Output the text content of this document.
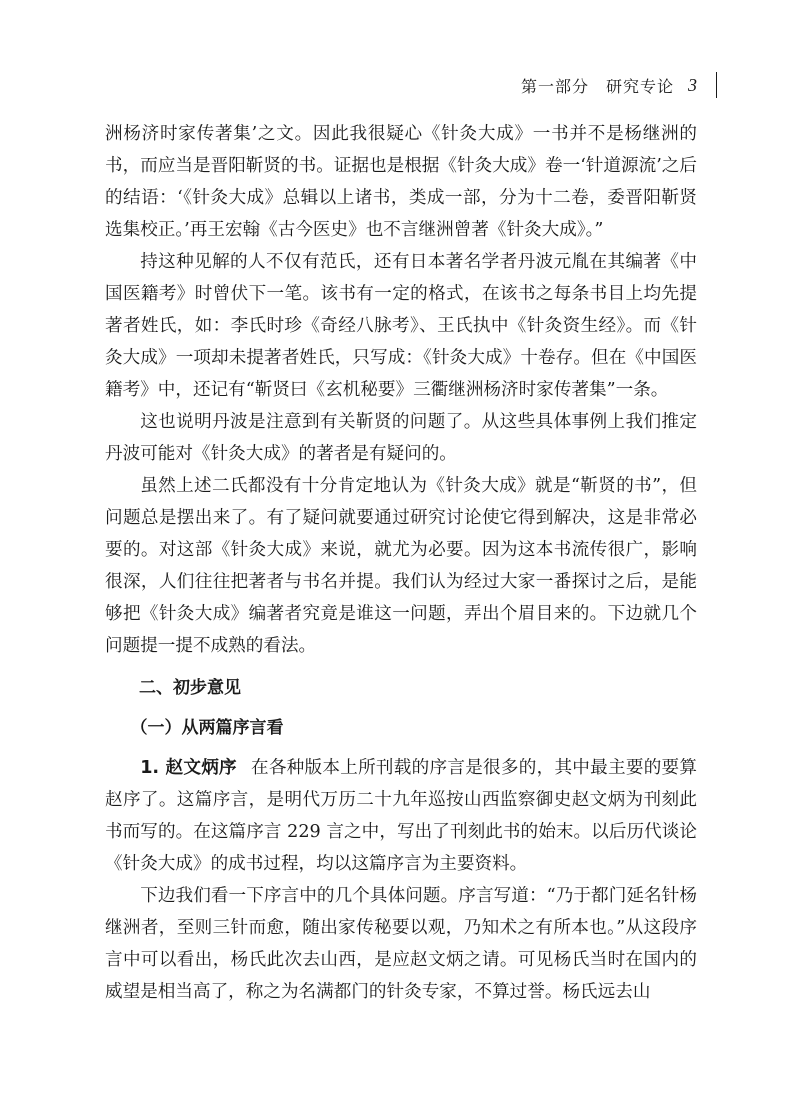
第一部分　研究专论 3

洲杨济时家传著集’之文。因此我很疑心《针灸大成》一书并不是杨继洲的书，而应当是晋阳靳贤的书。证据也是根据《针灸大成》卷一‘针道源流’之后的结语：‘《针灸大成》总辑以上诸书，类成一部，分为十二卷，委晋阳靳贤选集校正。’再王宏翰《古今医史》也不言继洲曾著《针灸大成》。”

持这种见解的人不仅有范氏，还有日本著名学者丹波元胤在其编著《中国医籍考》时曾伏下一笔。该书有一定的格式，在该书之每条书目上均先提著者姓氏，如：李氏时珍《奇经八脉考》、王氏执中《针灸资生经》。而《针灸大成》一项却未提著者姓氏，只写成：《针灸大成》十卷存。但在《中国医籍考》中，还记有“靳贤曰《玄机秘要》三衢继洲杨济时家传著集”一条。

这也说明丹波是注意到有关靳贤的问题了。从这些具体事例上我们推定丹波可能对《针灸大成》的著者是有疑问的。

虽然上述二氏都没有十分肯定地认为《针灸大成》就是“靳贤的书”，但问题总是摆出来了。有了疑问就要通过研究讨论使它得到解决，这是非常必要的。对这部《针灸大成》来说，就尤为必要。因为这本书流传很广，影响很深，人们往往把著者与书名并提。我们认为经过大家一番探讨之后，是能够把《针灸大成》编著者究竟是谁这一问题，弄出个眉目来的。下边就几个问题提一提不成熟的看法。

二、初步意见
（一）从两篇序言看

1. 赵文炳序 在各种版本上所刊载的序言是很多的，其中最主要的要算赵序了。这篇序言，是明代万历二十九年巡按山西监察御史赵文炳为刊刻此书而写的。在这篇序言 229 言之中，写出了刊刻此书的始末。以后历代谈论《针灸大成》的成书过程，均以这篇序言为主要资料。

下边我们看一下序言中的几个具体问题。序言写道：“乃于都门延名针杨继洲者，至则三针而愈，随出家传秘要以观，乃知术之有所本也。”从这段序言中可以看出，杨氏此次去山西，是应赵文炳之请。可见杨氏当时在国内的威望是相当高了，称之为名满都门的针灸专家，不算过誉。杨氏远去山
